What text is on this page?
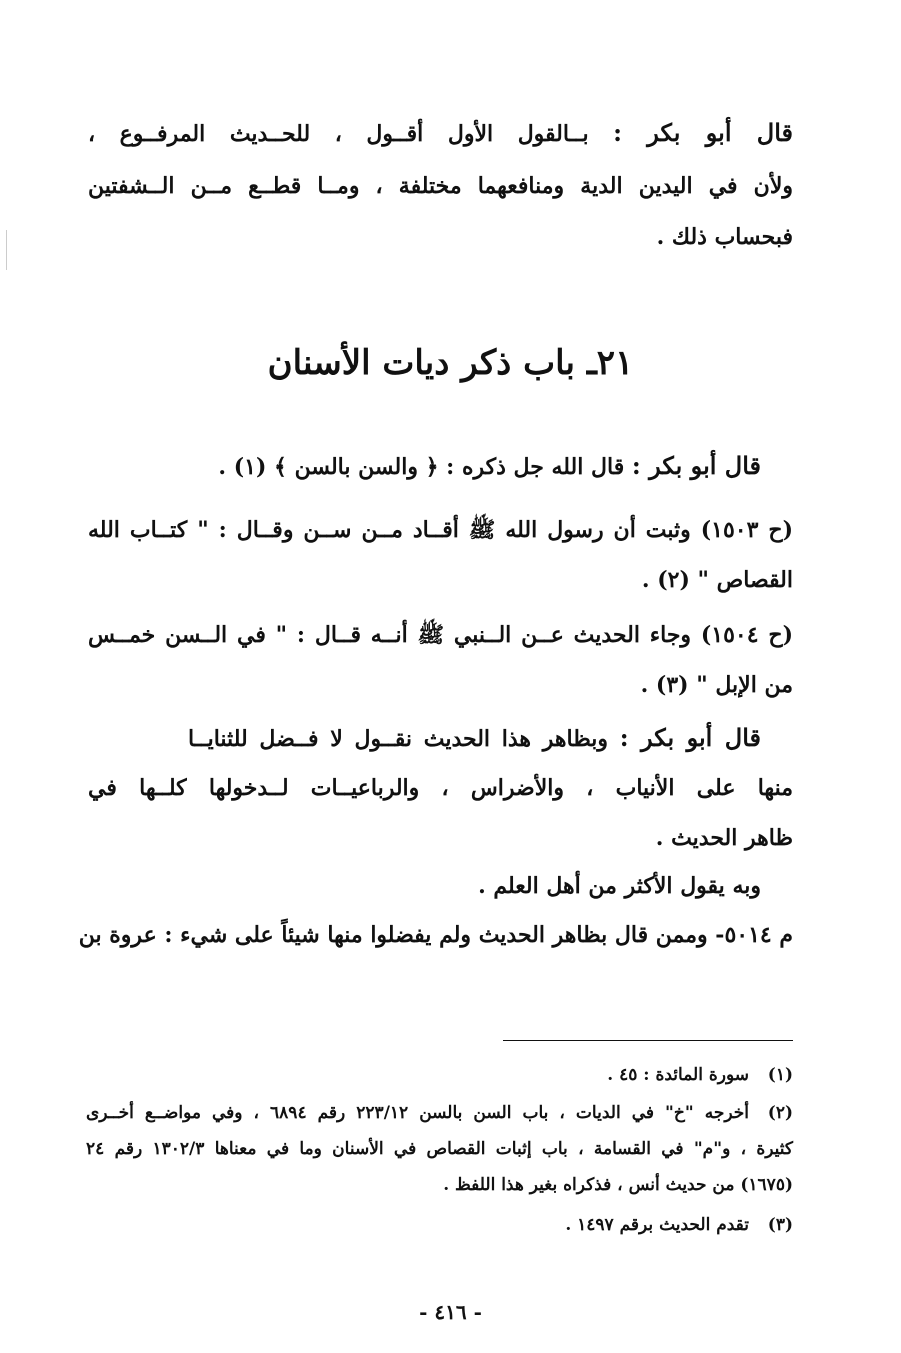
قال أبو بكر : بــالقول الأول أقــول ، للحــديث المرفــوع ،
ولأن في اليدين الدية ومنافعهما مختلفة ، ومــا قطــع مــن الــشفتين
فبحساب ذلك .
٢١ـ باب ذكر ديات الأسنان
قال أبو بكر : قال الله جل ذكره : ﴿ والسن بالسن ﴾ (١) .
(ح ١٥٠٣) وثبت أن رسول الله ﷺ أقــاد مــن ســن وقــال : " كتــاب الله
القصاص " (٢) .
(ح ١٥٠٤) وجاء الحديث عــن الــنبي ﷺ أنــه قــال : " في الــسن خمــس
من الإبل " (٣) .
قال أبو بكر : وبظاهر هذا الحديث نقــول لا فــضل للثنايــا
منها على الأنياب ، والأضراس ، والرباعيــات لــدخولها كلــها في
ظاهر الحديث .
وبه يقول الأكثر من أهل العلم .
م ٥٠١٤- وممن قال بظاهر الحديث ولم يفضلوا منها شيئاً على شيء : عروة بن
(١)
سورة المائدة : ٤٥ .
(٢)
أخرجه "خ" في الديات ، باب السن بالسن ٢٢٣/١٢ رقم ٦٨٩٤ ، وفي مواضــع أخــرى
كثيرة ، و"م" في القسامة ، باب إثبات القصاص في الأسنان وما في معناها ١٣٠٢/٣ رقم ٢٤
(١٦٧٥) من حديث أنس ، فذكراه بغير هذا اللفظ .
(٣)
تقدم الحديث برقم ١٤٩٧ .
- ٤١٦ -
